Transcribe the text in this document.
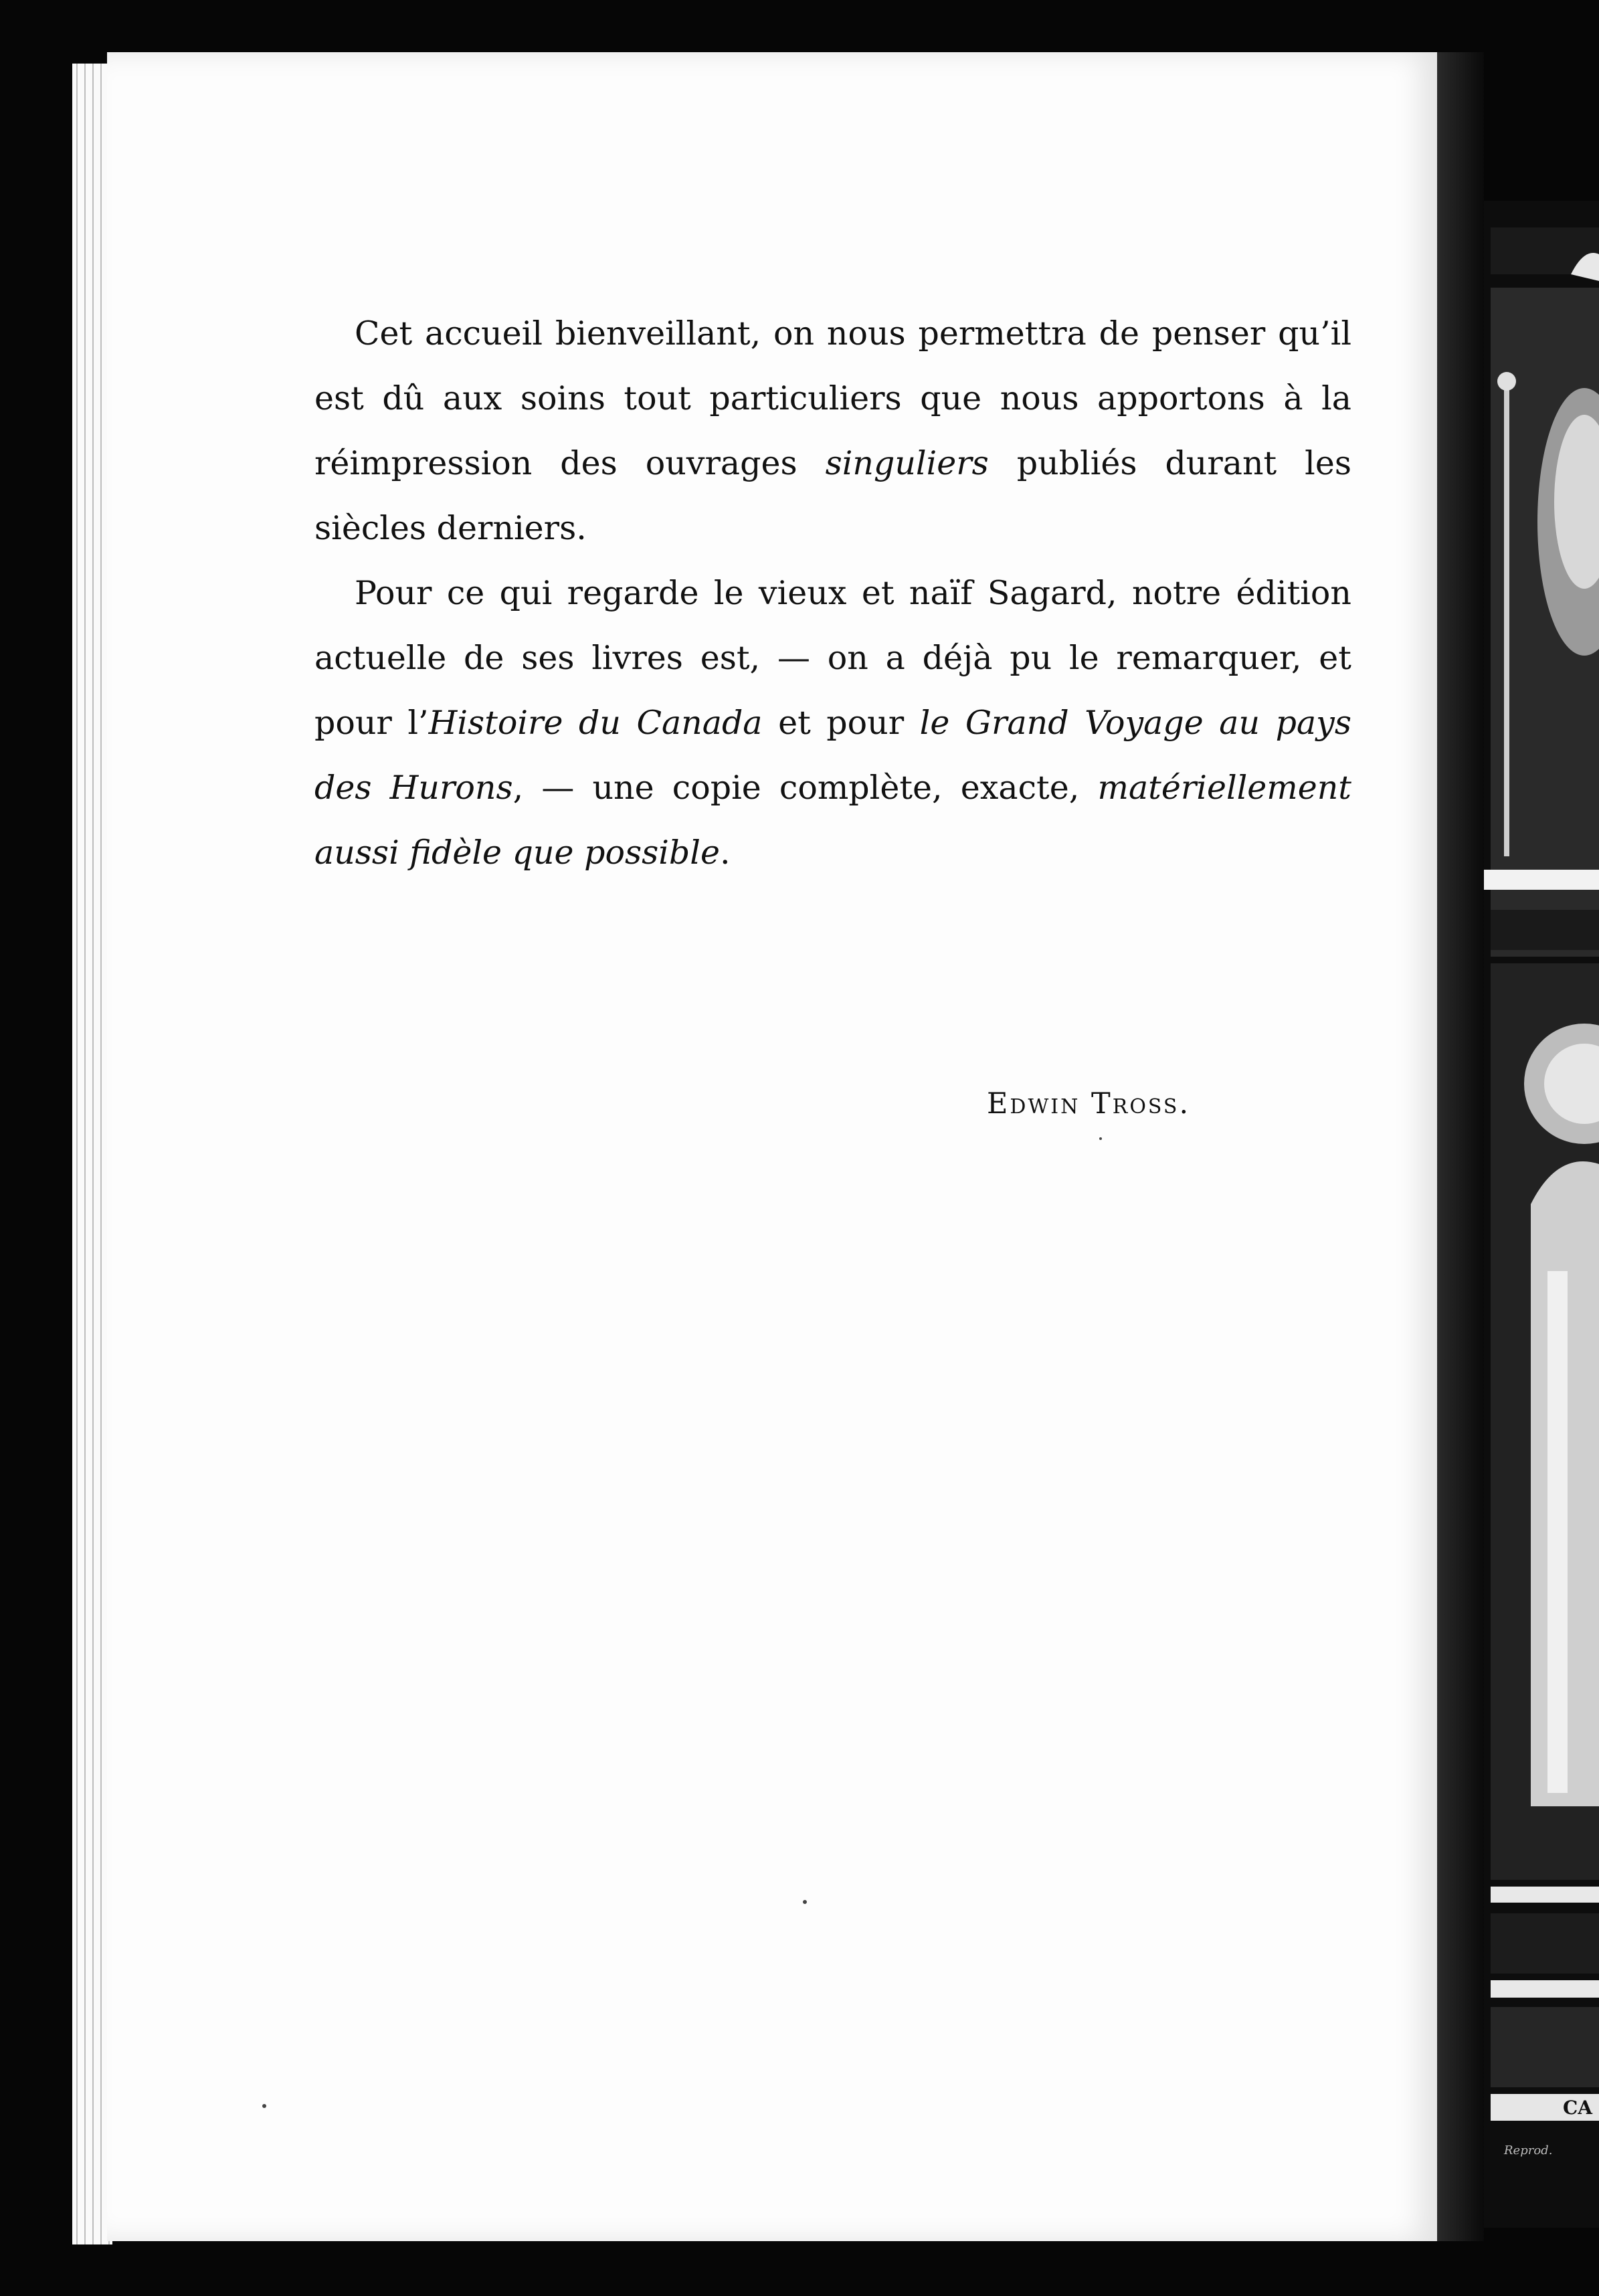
Cet accueil bienveillant, on nous permettra de penser qu’il est dû aux soins tout particuliers que nous apportons à la réimpression des ouvrages singuliers publiés durant les siècles derniers.

Pour ce qui regarde le vieux et naïf Sagard, notre édition actuelle de ses livres est, — on a déjà pu le remarquer, et pour l’Histoire du Canada et pour le Grand Voyage au pays des Hurons, — une copie complète, exacte, matériellement aussi fidèle que possible.

Edwin Tross.
CA
Reprod.
